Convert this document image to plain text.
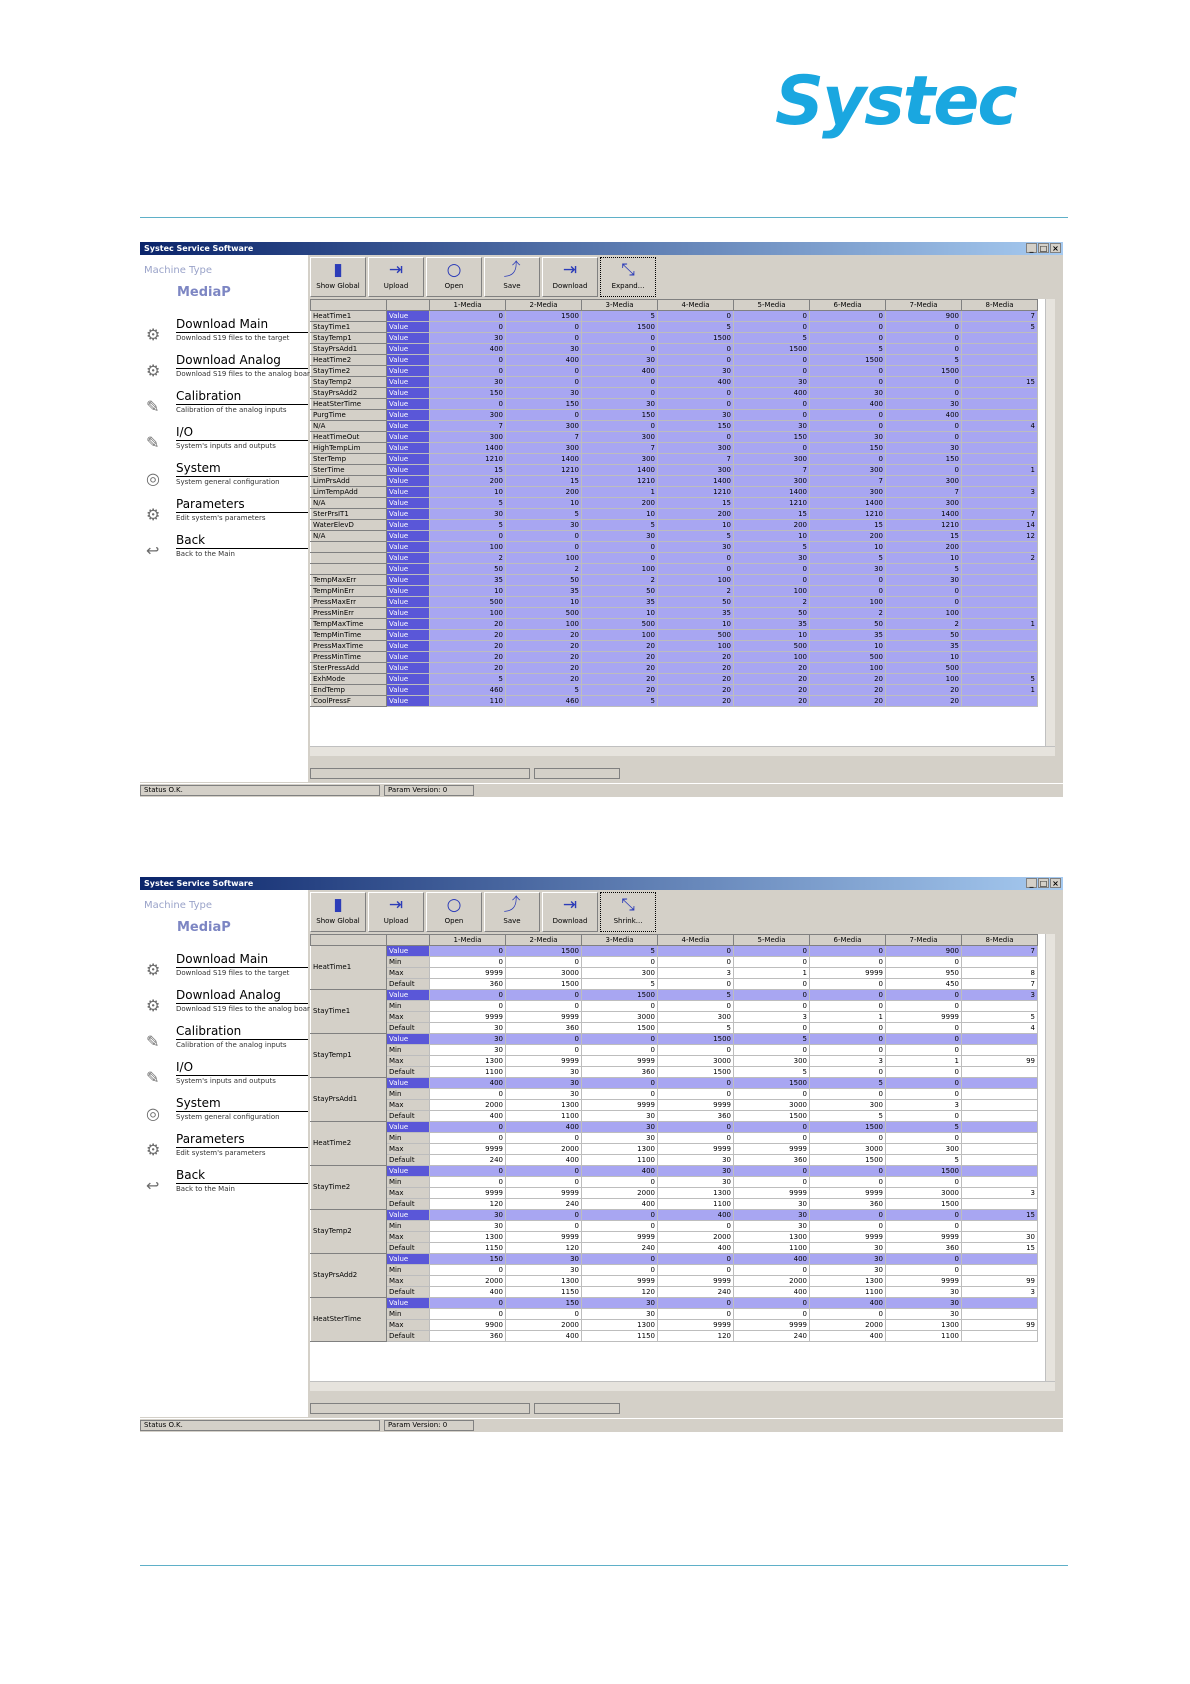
Systec
Systec Service Software	_ □ ×
Machine Type
MediaP
⚙
Download Main
Download S19 files to the target
⚙
Download Analog
Download S19 files to the analog boar
✎
Calibration
Calibration of the analog inputs
✎
I/O
System's inputs and outputs
◎
System
System general configuration
⚙
Parameters
Edit system's parameters
↩
Back
Back to the Main
▮
Show Global
⇥
Upload
○
Open
⤴
Save
⇥
Download
⤡
Expand...
		1-Media	2-Media	3-Media	4-Media	5-Media	6-Media	7-Media	8-Media
HeatTime1	Value	0	1500	5	0	0	0	900	7
StayTime1	Value	0	0	1500	5	0	0	0	5
StayTemp1	Value	30	0	0	1500	5	0	0	
StayPrsAdd1	Value	400	30	0	0	1500	5	0	
HeatTime2	Value	0	400	30	0	0	1500	5	
StayTime2	Value	0	0	400	30	0	0	1500	
StayTemp2	Value	30	0	0	400	30	0	0	15
StayPrsAdd2	Value	150	30	0	0	400	30	0	
HeatSterTime	Value	0	150	30	0	0	400	30	
PurgTime	Value	300	0	150	30	0	0	400	
N/A	Value	7	300	0	150	30	0	0	4
HeatTimeOut	Value	300	7	300	0	150	30	0	
HighTempLim	Value	1400	300	7	300	0	150	30	
SterTemp	Value	1210	1400	300	7	300	0	150	
SterTime	Value	15	1210	1400	300	7	300	0	1
LimPrsAdd	Value	200	15	1210	1400	300	7	300	
LimTempAdd	Value	10	200	1	1210	1400	300	7	3
N/A	Value	5	10	200	15	1210	1400	300	
SterPrsIT1	Value	30	5	10	200	15	1210	1400	7
WaterElevD	Value	5	30	5	10	200	15	1210	14
N/A	Value	0	0	30	5	10	200	15	12
	Value	100	0	0	30	5	10	200	
	Value	2	100	0	0	30	5	10	2
	Value	50	2	100	0	0	30	5	
TempMaxErr	Value	35	50	2	100	0	0	30	
TempMinErr	Value	10	35	50	2	100	0	0	
PressMaxErr	Value	500	10	35	50	2	100	0	
PressMinErr	Value	100	500	10	35	50	2	100	
TempMaxTime	Value	20	100	500	10	35	50	2	1
TempMinTime	Value	20	20	100	500	10	35	50	
PressMaxTime	Value	20	20	20	100	500	10	35	
PressMinTime	Value	20	20	20	20	100	500	10	
SterPressAdd	Value	20	20	20	20	20	100	500	
ExhMode	Value	5	20	20	20	20	20	100	5
EndTemp	Value	460	5	20	20	20	20	20	1
CoolPressF	Value	110	460	5	20	20	20	20	
Status O.K.	Param Version: 0
Systec Service Software	_ □ ×
Machine Type
MediaP
⚙
Download Main
Download S19 files to the target
⚙
Download Analog
Download S19 files to the analog boar
✎
Calibration
Calibration of the analog inputs
✎
I/O
System's inputs and outputs
◎
System
System general configuration
⚙
Parameters
Edit system's parameters
↩
Back
Back to the Main
▮
Show Global
⇥
Upload
○
Open
⤴
Save
⇥
Download
⤡
Shrink...
		1-Media	2-Media	3-Media	4-Media	5-Media	6-Media	7-Media	8-Media
HeatTime1	Value	0	1500	5	0	0	0	900	7
	Min	0	0	0	0	0	0	0	
	Max	9999	3000	300	3	1	9999	950	8
	Default	360	1500	5	0	0	0	450	7
StayTime1	Value	0	0	1500	5	0	0	0	3
	Min	0	0	0	0	0	0	0	
	Max	9999	9999	3000	300	3	1	9999	5
	Default	30	360	1500	5	0	0	0	4
StayTemp1	Value	30	0	0	1500	5	0	0	
	Min	30	0	0	0	0	0	0	
	Max	1300	9999	9999	3000	300	3	1	99
	Default	1100	30	360	1500	5	0	0	
StayPrsAdd1	Value	400	30	0	0	1500	5	0	
	Min	0	30	0	0	0	0	0	
	Max	2000	1300	9999	9999	3000	300	3	
	Default	400	1100	30	360	1500	5	0	
HeatTime2	Value	0	400	30	0	0	1500	5	
	Min	0	0	30	0	0	0	0	
	Max	9999	2000	1300	9999	9999	3000	300	
	Default	240	400	1100	30	360	1500	5	
StayTime2	Value	0	0	400	30	0	0	1500	
	Min	0	0	0	30	0	0	0	
	Max	9999	9999	2000	1300	9999	9999	3000	3
	Default	120	240	400	1100	30	360	1500	
StayTemp2	Value	30	0	0	400	30	0	0	15
	Min	30	0	0	0	30	0	0	
	Max	1300	9999	9999	2000	1300	9999	9999	30
	Default	1150	120	240	400	1100	30	360	15
StayPrsAdd2	Value	150	30	0	0	400	30	0	
	Min	0	30	0	0	0	30	0	
	Max	2000	1300	9999	9999	2000	1300	9999	99
	Default	400	1150	120	240	400	1100	30	3
HeatSterTime	Value	0	150	30	0	0	400	30	
	Min	0	0	30	0	0	0	30	
	Max	9900	2000	1300	9999	9999	2000	1300	99
	Default	360	400	1150	120	240	400	1100	
Status O.K.	Param Version: 0
